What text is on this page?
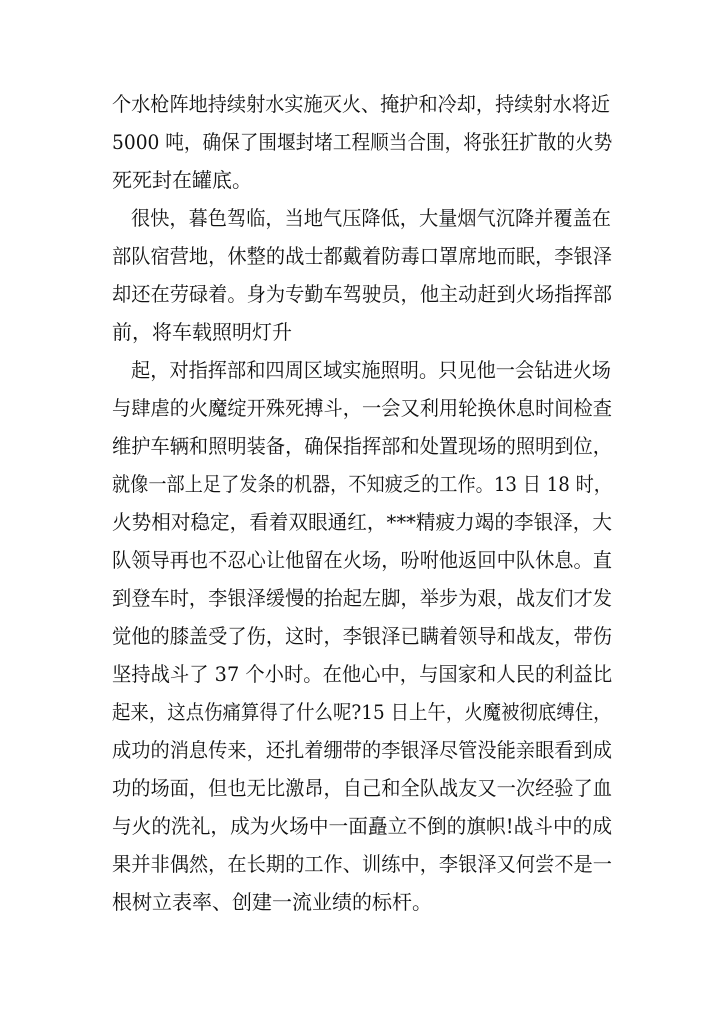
个水枪阵地持续射水实施灭火、掩护和冷却，持续射水将近
5000 吨，确保了围堰封堵工程顺当合围，将张狂扩散的火势
死死封在罐底。
很快，暮色驾临，当地气压降低，大量烟气沉降并覆盖在
部队宿营地，休整的战士都戴着防毒口罩席地而眠，李银泽
却还在劳碌着。身为专勤车驾驶员，他主动赶到火场指挥部
前，将车载照明灯升
起，对指挥部和四周区域实施照明。只见他一会钻进火场
与肆虐的火魔绽开殊死搏斗，一会又利用轮换休息时间检查
维护车辆和照明装备，确保指挥部和处置现场的照明到位，
就像一部上足了发条的机器，不知疲乏的工作。13 日 18 时，
火势相对稳定，看着双眼通红，***精疲力竭的李银泽，大
队领导再也不忍心让他留在火场，吩咐他返回中队休息。直
到登车时，李银泽缓慢的抬起左脚，举步为艰，战友们才发
觉他的膝盖受了伤，这时，李银泽已瞒着领导和战友，带伤
坚持战斗了 37 个小时。在他心中，与国家和人民的利益比
起来，这点伤痛算得了什么呢?15 日上午，火魔被彻底缚住，
成功的消息传来，还扎着绷带的李银泽尽管没能亲眼看到成
功的场面，但也无比激昂，自己和全队战友又一次经验了血
与火的洗礼，成为火场中一面矗立不倒的旗帜!战斗中的成
果并非偶然，在长期的工作、训练中，李银泽又何尝不是一
根树立表率、创建一流业绩的标杆。
